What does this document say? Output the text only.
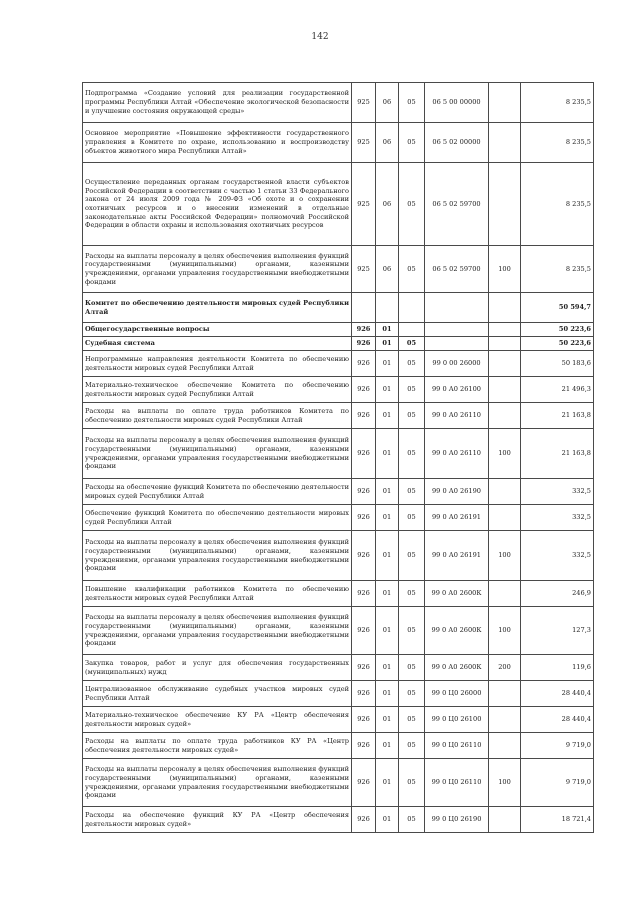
142
Подпрограмма «Создание условий для реализации государственной программы Республики Алтай «Обеспечение экологической безопасности и улучшение состояния окружающей среды»	925	06	05	06 5 00 00000		8 235,5
Основное мероприятие «Повышение эффективности государственного управления в Комитете по охране, использованию и воспроизводству объектов животного мира Республики Алтай»	925	06	05	06 5 02 00000		8 235,5
Осуществление переданных органам государственной власти субъектов Российской Федерации в соответствии с частью 1 статьи 33 Федерального закона от 24 июля 2009 года № 209-ФЗ «Об охоте и о сохранении охотничьих ресурсов и о внесении изменений в отдельные законодательные акты Российской Федерации» полномочий Российской Федерации в области охраны и использования охотничьих ресурсов	925	06	05	06 5 02 59700		8 235,5
Расходы на выплаты персоналу в целях обеспечения выполнения функций государственными (муниципальными) органами, казенными учреждениями, органами управления государственными внебюджетными фондами	925	06	05	06 5 02 59700	100	8 235,5
Комитет по обеспечению деятельности мировых судей Республики Алтай						50 594,7
Общегосударственные вопросы	926	01				50 223,6
Судебная система	926	01	05			50 223,6
Непрограммные направления деятельности Комитета по обеспечению деятельности мировых судей Республики Алтай	926	01	05	99 0 00 26000		50 183,6
Материально-техническое обеспечение Комитета по обеспечению деятельности мировых судей Республики Алтай	926	01	05	99 0 А0 26100		21 496,3
Расходы на выплаты по оплате труда работников Комитета по обеспечению деятельности мировых судей Республики Алтай	926	01	05	99 0 А0 26110		21 163,8
Расходы на выплаты персоналу в целях обеспечения выполнения функций государственными (муниципальными) органами, казенными учреждениями, органами управления государственными внебюджетными фондами	926	01	05	99 0 А0 26110	100	21 163,8
Расходы на обеспечение функций Комитета по обеспечению деятельности мировых судей Республики Алтай	926	01	05	99 0 А0 26190		332,5
Обеспечение функций Комитета по обеспечению деятельности мировых судей Республики Алтай	926	01	05	99 0 А0 26191		332,5
Расходы на выплаты персоналу в целях обеспечения выполнения функций государственными (муниципальными) органами, казенными учреждениями, органами управления государственными внебюджетными фондами	926	01	05	99 0 А0 26191	100	332,5
Повышение квалификации работников Комитета по обеспечению деятельности мировых судей Республики Алтай	926	01	05	99 0 А0 2600К		246,9
Расходы на выплаты персоналу в целях обеспечения выполнения функций государственными (муниципальными) органами, казенными учреждениями, органами управления государственными внебюджетными фондами	926	01	05	99 0 А0 2600К	100	127,3
Закупка товаров, работ и услуг для обеспечения государственных (муниципальных) нужд	926	01	05	99 0 А0 2600К	200	119,6
Централизованное обслуживание судебных участков мировых судей Республики Алтай	926	01	05	99 0 Ц0 26000		28 440,4
Материально-техническое обеспечение КУ РА «Центр обеспечения деятельности мировых судей»	926	01	05	99 0 Ц0 26100		28 440,4
Расходы на выплаты по оплате труда работников КУ РА «Центр обеспечения деятельности мировых судей»	926	01	05	99 0 Ц0 26110		9 719,0
Расходы на выплаты персоналу в целях обеспечения выполнения функций государственными (муниципальными) органами, казенными учреждениями, органами управления государственными внебюджетными фондами	926	01	05	99 0 Ц0 26110	100	9 719,0
Расходы на обеспечение функций КУ РА «Центр обеспечения деятельности мировых судей»	926	01	05	99 0 Ц0 26190		18 721,4
